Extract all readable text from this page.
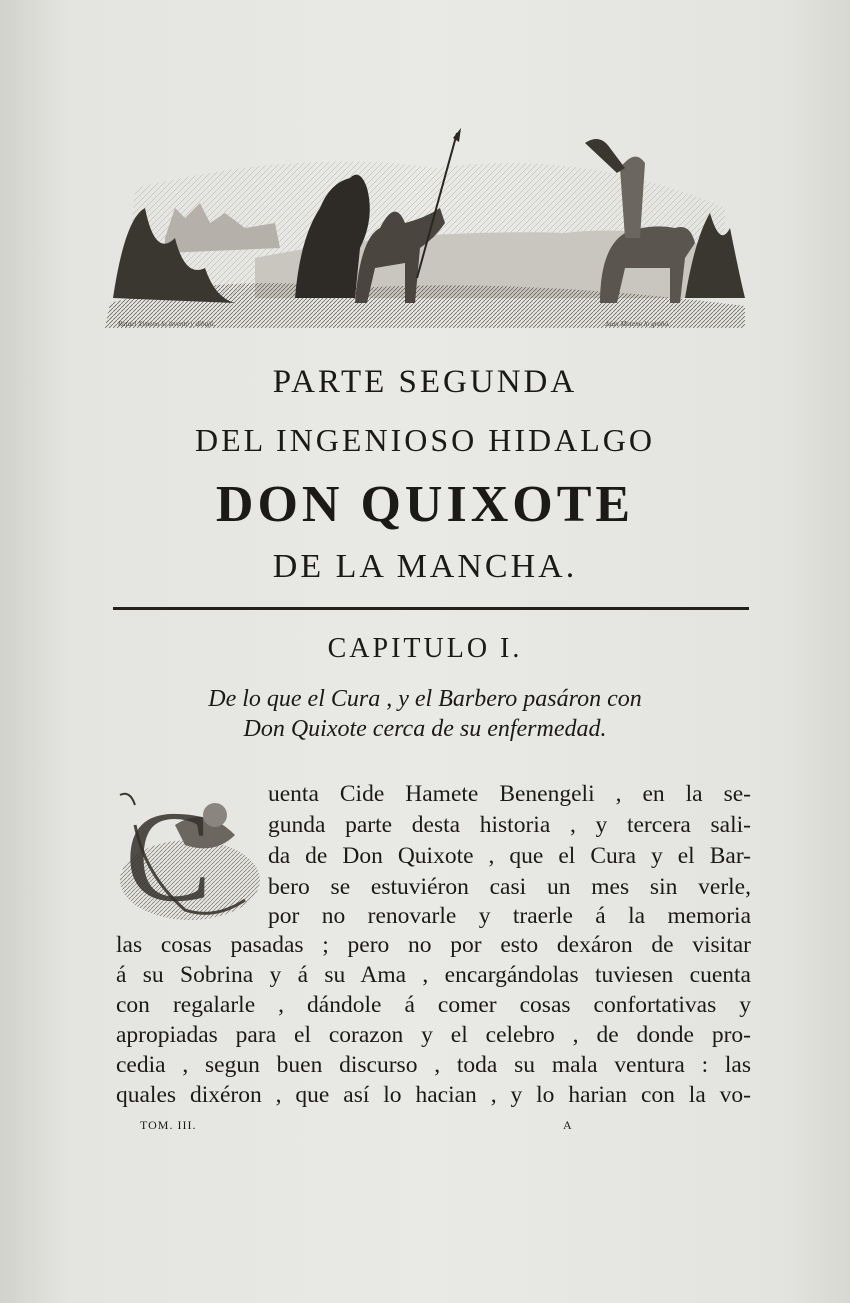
Rafael Ximeno lo inventó y dibujó.	Juan Moreno lo grabó.
PARTE SEGUNDA
DEL INGENIOSO HIDALGO
DON QUIXOTE
DE LA MANCHA.
CAPITULO I.
De lo que el Cura , y el Barbero pasáron con
Don Quixote cerca de su enfermedad.
C uenta Cide Hamete Benengeli , en la se-
gunda parte desta historia , y tercera sali-
da de Don Quixote , que el Cura y el Bar-
bero se estuviéron casi un mes sin verle,
por no renovarle y traerle á la memoria
las cosas pasadas ; pero no por esto dexáron de visitar
á su Sobrina y á su Ama , encargándolas tuviesen cuenta
con regalarle , dándole á comer cosas confortativas y
apropiadas para el corazon y el celebro , de donde pro-
cedia , segun buen discurso , toda su mala ventura : las
quales dixéron , que así lo hacian , y lo harian con la vo-
TOM. III.	A
